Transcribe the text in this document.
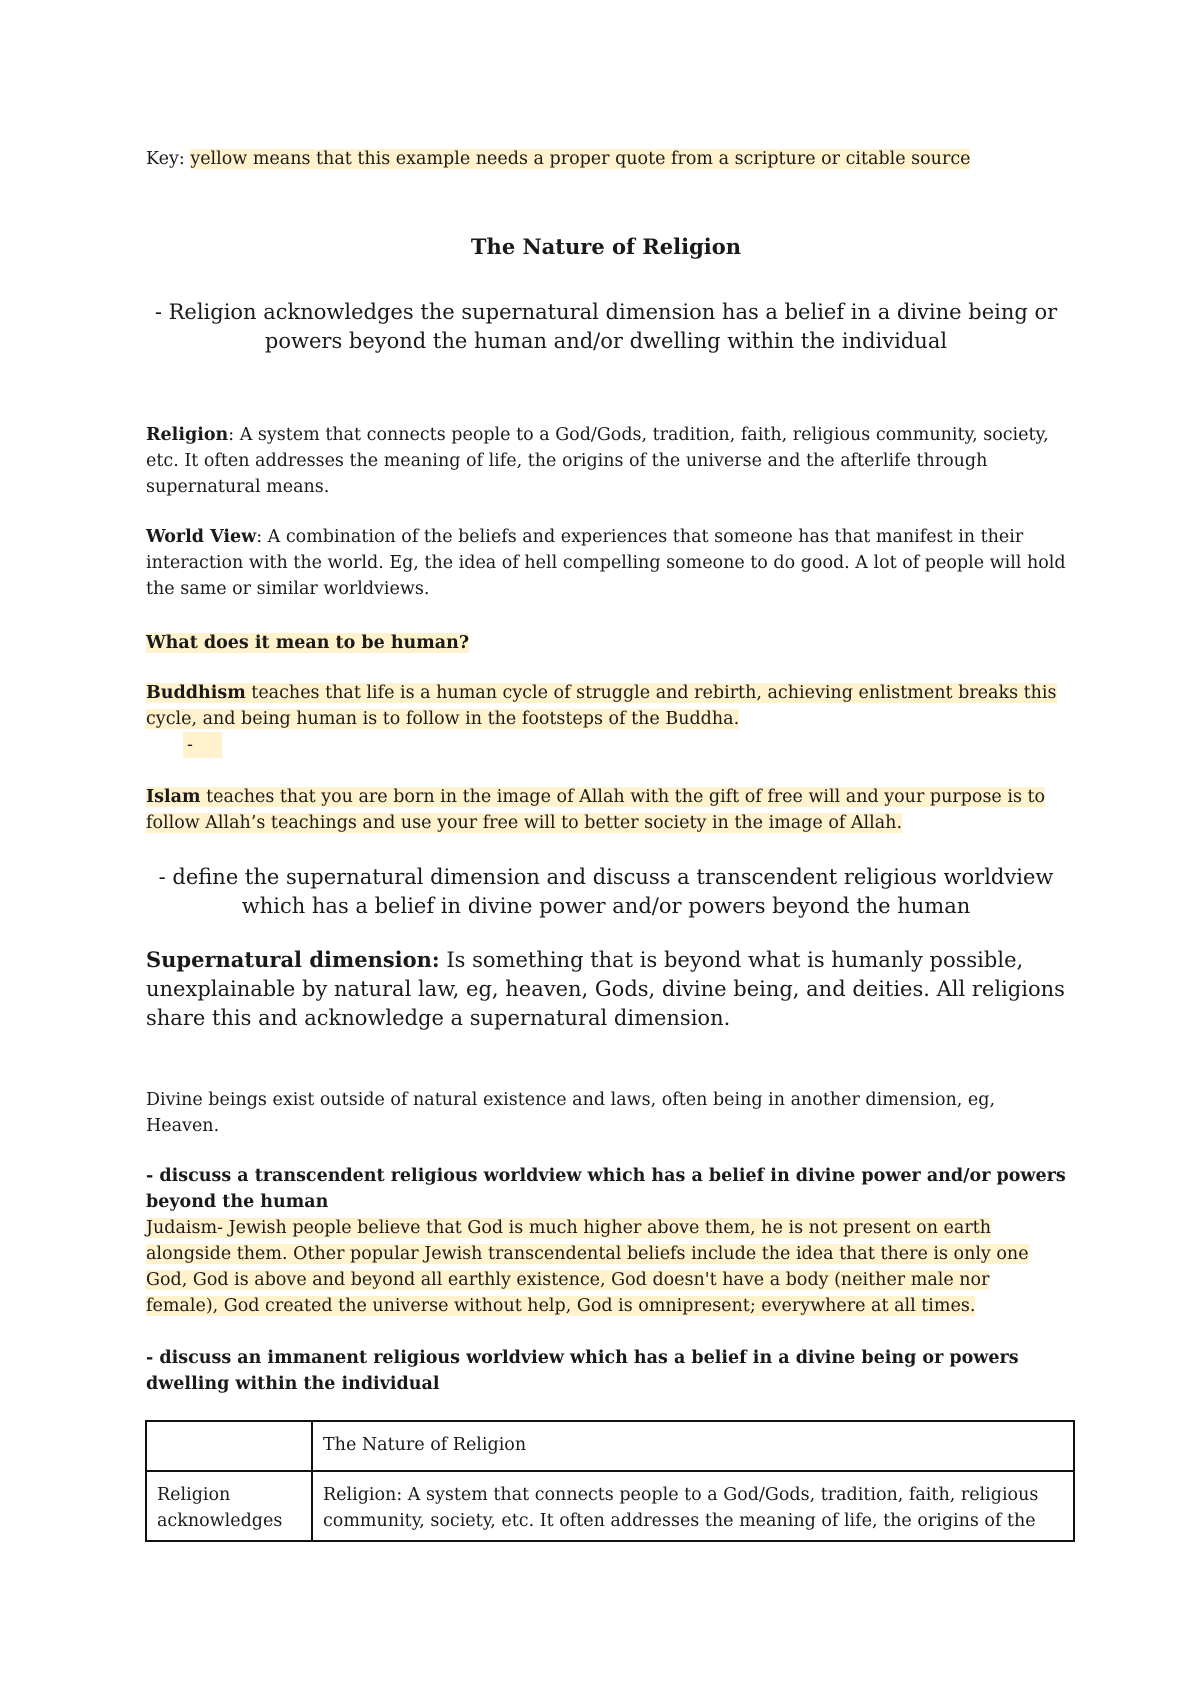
Key: yellow means that this example needs a proper quote from a scripture or citable source
The Nature of Religion
- Religion acknowledges the supernatural dimension has a belief in a divine being or powers beyond the human and/or dwelling within the individual
Religion: A system that connects people to a God/Gods, tradition, faith, religious community, society, etc. It often addresses the meaning of life, the origins of the universe and the afterlife through supernatural means.
World View: A combination of the beliefs and experiences that someone has that manifest in their interaction with the world. Eg, the idea of hell compelling someone to do good. A lot of people will hold the same or similar worldviews.
What does it mean to be human?
Buddhism teaches that life is a human cycle of struggle and rebirth, achieving enlistment breaks this cycle, and being human is to follow in the footsteps of the Buddha.
-
Islam teaches that you are born in the image of Allah with the gift of free will and your purpose is to follow Allah’s teachings and use your free will to better society in the image of Allah.
- define the supernatural dimension and discuss a transcendent religious worldview which has a belief in divine power and/or powers beyond the human
Supernatural dimension: Is something that is beyond what is humanly possible, unexplainable by natural law, eg, heaven, Gods, divine being, and deities. All religions share this and acknowledge a supernatural dimension.
Divine beings exist outside of natural existence and laws, often being in another dimension, eg, Heaven.
- discuss a transcendent religious worldview which has a belief in divine power and/or powers beyond the human
Judaism- Jewish people believe that God is much higher above them, he is not present on earth alongside them. Other popular Jewish transcendental beliefs include the idea that there is only one God, God is above and beyond all earthly existence, God doesn't have a body (neither male nor female), God created the universe without help, God is omnipresent; everywhere at all times.
- discuss an immanent religious worldview which has a belief in a divine being or powers dwelling within the individual
	The Nature of Religion
Religion acknowledges	Religion: A system that connects people to a God/Gods, tradition, faith, religious community, society, etc. It often addresses the meaning of life, the origins of the
